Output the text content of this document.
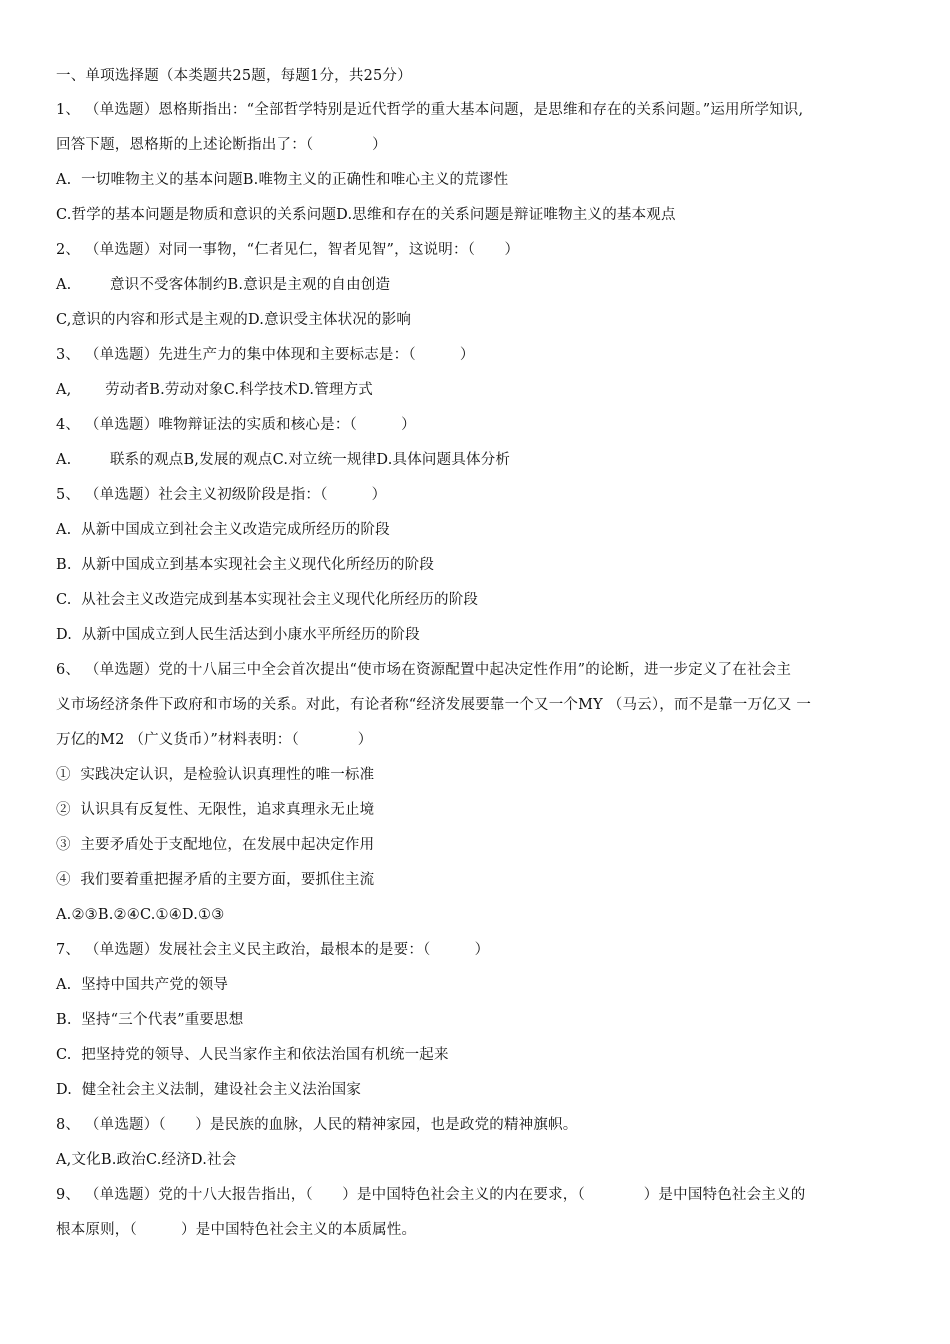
一、单项选择题（本类题共25题，每题1分，共25分）
1、 （单选题）恩格斯指出：“全部哲学特别是近代哲学的重大基本问题，是思维和存在的关系问题。”运用所学知识,
回答下题，恩格斯的上述论断指出了：（　　　　）
A.  一切唯物主义的基本问题B.唯物主义的正确性和唯心主义的荒谬性
C.哲学的基本问题是物质和意识的关系问题D.思维和存在的关系问题是辩证唯物主义的基本观点
2、 （单选题）对同一事物，“仁者见仁，智者见智”，这说明：（　　）
A.        意识不受客体制约B.意识是主观的自由创造
C,意识的内容和形式是主观的D.意识受主体状况的影响
3、 （单选题）先进生产力的集中体现和主要标志是：（　　　）
A,       劳动者B.劳动对象C.科学技术D.管理方式
4、 （单选题）唯物辩证法的实质和核心是：（　　　）
A.        联系的观点B,发展的观点C.对立统一规律D.具体问题具体分析
5、 （单选题）社会主义初级阶段是指：（　　　）
A.  从新中国成立到社会主义改造完成所经历的阶段
B.  从新中国成立到基本实现社会主义现代化所经历的阶段
C.  从社会主义改造完成到基本实现社会主义现代化所经历的阶段
D.  从新中国成立到人民生活达到小康水平所经历的阶段
6、 （单选题）党的十八届三中全会首次提出“使市场在资源配置中起决定性作用”的论断，进一步定义了在社会主
义市场经济条件下政府和市场的关系。对此，有论者称“经济发展要靠一个又一个MY （马云），而不是靠一万亿又 一
万亿的M2 （广义货币）”材料表明：（　　　　）
①  实践决定认识，是检验认识真理性的唯一标准
②  认识具有反复性、无限性，追求真理永无止境
③  主要矛盾处于支配地位，在发展中起决定作用
④  我们要着重把握矛盾的主要方面，要抓住主流
A.②③B.②④C.①④D.①③
7、 （单选题）发展社会主义民主政治，最根本的是要：（　　　）
A.  坚持中国共产党的领导
B.  坚持“三个代表”重要思想
C.  把坚持党的领导、人民当家作主和依法治国有机统一起来
D.  健全社会主义法制，建设社会主义法治国家
8、 （单选题）（　　）是民族的血脉，人民的精神家园，也是政党的精神旗帜。
A,文化B.政治C.经济D.社会
9、 （单选题）党的十八大报告指出，（　　）是中国特色社会主义的内在要求，（　　　　）是中国特色社会主义的
根本原则，（　　　）是中国特色社会主义的本质属性。
